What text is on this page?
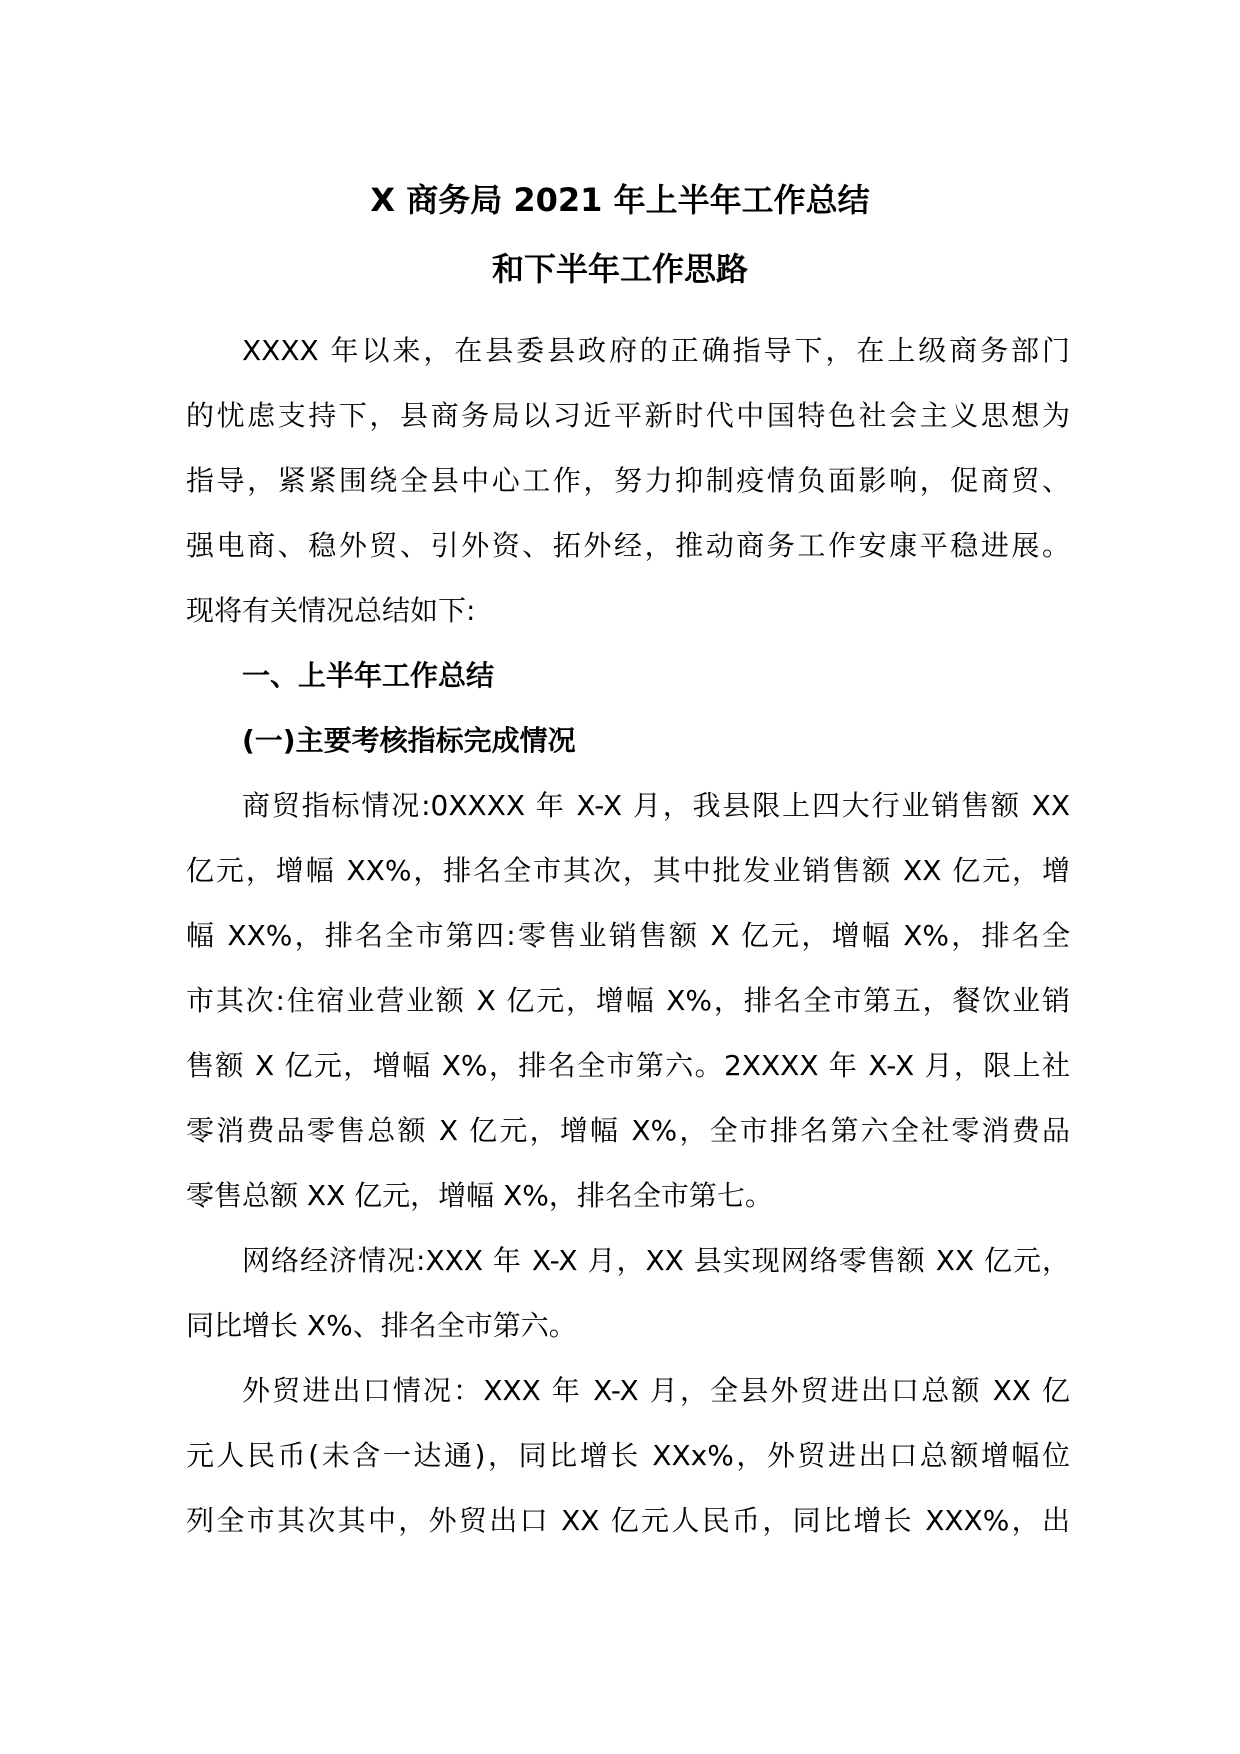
X 商务局 2021 年上半年工作总结
和下半年工作思路
XXXX 年以来，在县委县政府的正确指导下，在上级商务部门
的忧虑支持下，县商务局以习近平新时代中国特色社会主义思想为
指导，紧紧围绕全县中心工作，努力抑制疫情负面影响，促商贸、
强电商、稳外贸、引外资、拓外经，推动商务工作安康平稳进展。
现将有关情况总结如下:
一、上半年工作总结
(一)主要考核指标完成情况
商贸指标情况:0XXXX 年 X-X 月，我县限上四大行业销售额 XX
亿元，增幅 XX%，排名全市其次，其中批发业销售额 XX 亿元，增
幅 XX%，排名全市第四:零售业销售额 X 亿元，增幅 X%，排名全
市其次:住宿业营业额 X 亿元，增幅 X%，排名全市第五，餐饮业销
售额 X 亿元，增幅 X%，排名全市第六。2XXXX 年 X-X 月，限上社
零消费品零售总额 X 亿元，增幅 X%，全市排名第六全社零消费品
零售总额 XX 亿元，增幅 X%，排名全市第七。
网络经济情况:XXX 年 X-X 月，XX 县实现网络零售额 XX 亿元，
同比增长 X%、排名全市第六。
外贸进出口情况：XXX 年 X-X 月，全县外贸进出口总额 XX 亿
元人民币(未含一达通)，同比增长 XXx%，外贸进出口总额增幅位
列全市其次其中，外贸出口 XX 亿元人民币，同比增长 XXX%，出
